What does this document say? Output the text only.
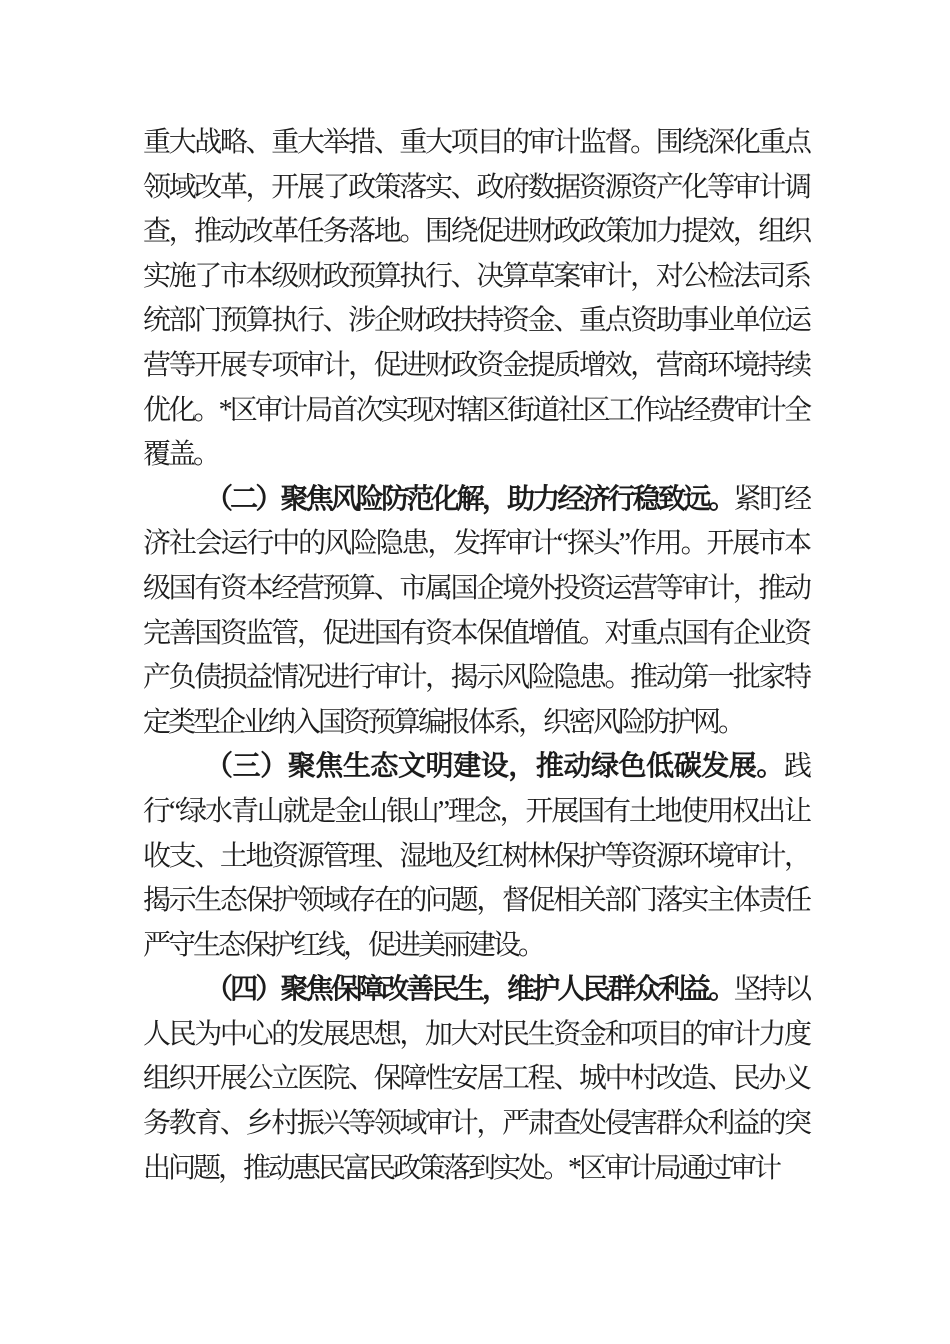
重大战略、重大举措、重大项目的审计监督。围绕深化重点领域改革，开展了政策落实、政府数据资源资产化等审计调查，推动改革任务落地。围绕促进财政政策加力提效，组织实施了市本级财政预算执行、决算草案审计，对公检法司系统部门预算执行、涉企财政扶持资金、重点资助事业单位运营等开展专项审计，促进财政资金提质增效，营商环境持续优化。*区审计局首次实现对辖区街道社区工作站经费审计全覆盖。

（二）聚焦风险防范化解，助力经济行稳致远。紧盯经济社会运行中的风险隐患，发挥审计“探头”作用。开展市本级国有资本经营预算、市属国企境外投资运营等审计，推动完善国资监管，促进国有资本保值增值。对重点国有企业资产负债损益情况进行审计，揭示风险隐患。推动第一批家特定类型企业纳入国资预算编报体系，织密风险防护网。

（三）聚焦生态文明建设，推动绿色低碳发展。践行“绿水青山就是金山银山”理念，开展国有土地使用权出让收支、土地资源管理、湿地及红树林保护等资源环境审计，揭示生态保护领域存在的问题，督促相关部门落实主体责任严守生态保护红线，促进美丽建设。

（四）聚焦保障改善民生，维护人民群众利益。坚持以人民为中心的发展思想，加大对民生资金和项目的审计力度组织开展公立医院、保障性安居工程、城中村改造、民办义务教育、乡村振兴等领域审计，严肃查处侵害群众利益的突出问题，推动惠民富民政策落到实处。*区审计局通过审计
